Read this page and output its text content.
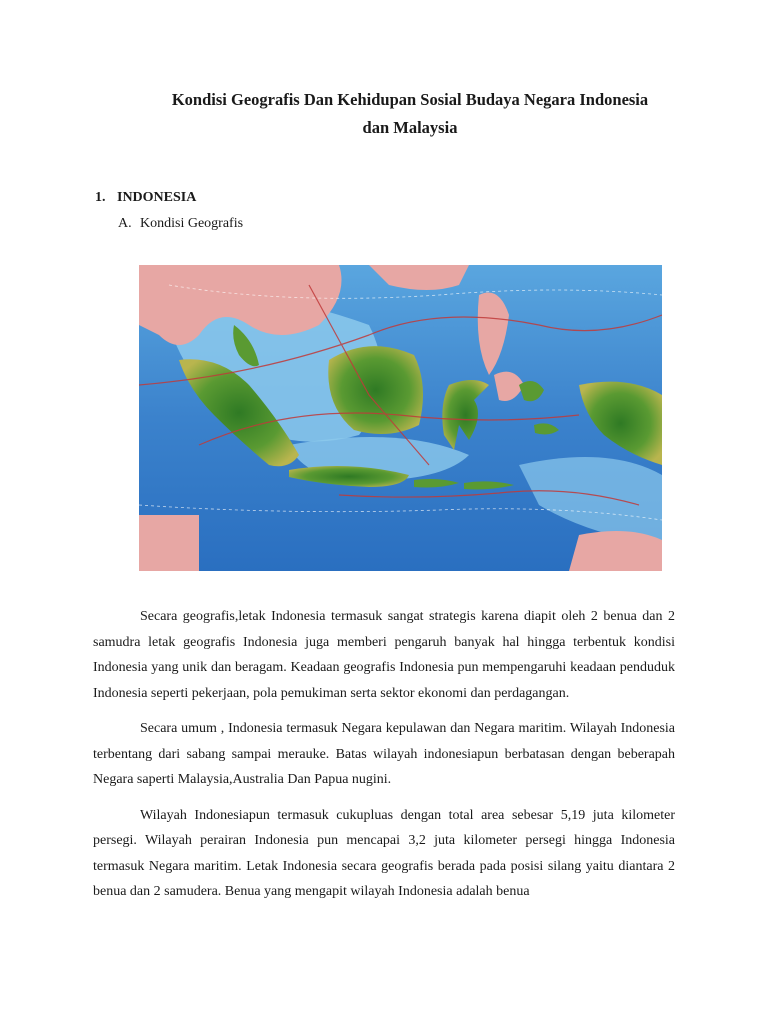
Kondisi Geografis Dan Kehidupan Sosial Budaya Negara Indonesia
dan Malaysia
1. INDONESIA
A. Kondisi Geografis

Secara geografis,letak Indonesia termasuk sangat strategis karena diapit oleh 2 benua dan 2 samudra letak geografis Indonesia juga memberi pengaruh banyak hal hingga terbentuk kondisi Indonesia yang unik dan beragam. Keadaan geografis Indonesia pun mempengaruhi keadaan penduduk Indonesia seperti pekerjaan, pola pemukiman serta sektor ekonomi dan perdagangan.

Secara umum , Indonesia termasuk Negara kepulawan dan Negara maritim. Wilayah Indonesia terbentang dari sabang sampai merauke. Batas wilayah indonesiapun berbatasan dengan beberapah Negara saperti Malaysia,Australia Dan Papua nugini.

Wilayah Indonesiapun termasuk cukupluas dengan total area sebesar 5,19 juta kilometer persegi. Wilayah perairan Indonesia pun mencapai 3,2 juta kilometer persegi hingga Indonesia termasuk Negara maritim. Letak Indonesia secara geografis berada pada posisi silang yaitu diantara 2 benua dan 2 samudera. Benua yang mengapit wilayah Indonesia adalah benua
